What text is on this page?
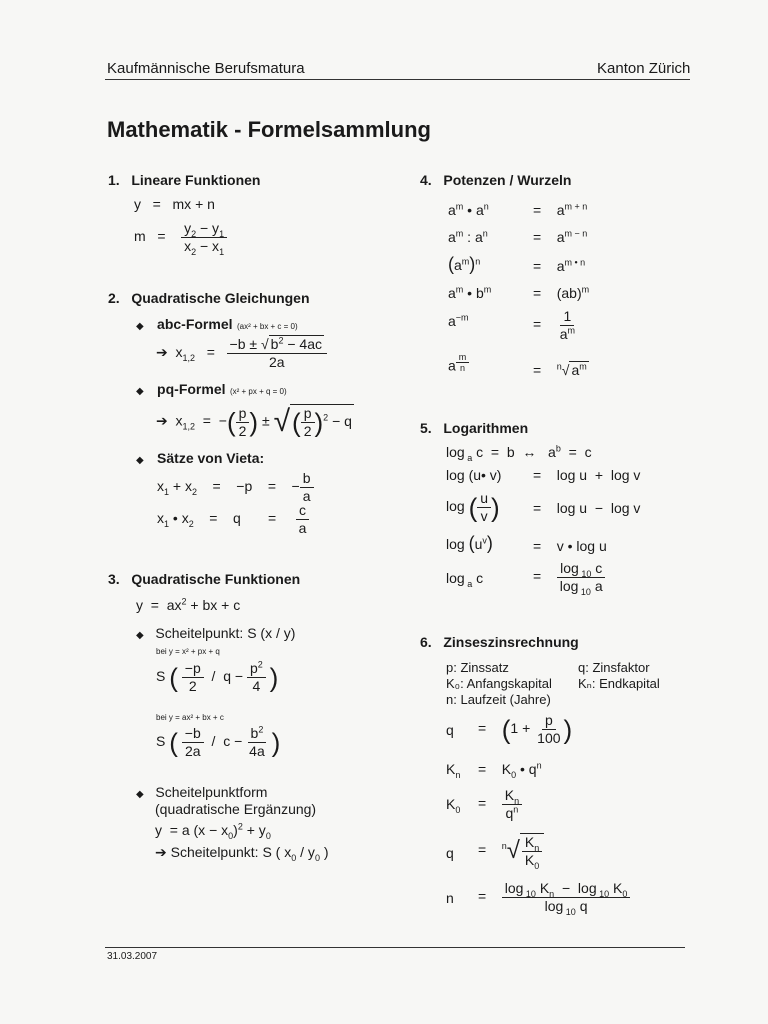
Kaufmännische Berufsmatura	Kanton Zürich
Mathematik - Formelsammlung
1. Lineare Funktionen
y   =   mx + n
$m = \frac{y_2 - y_1}{x_2 - x_1}$
2. Quadratische Gleichungen
◆ abc-Formel (ax² + bx + c = 0)
➔  $x_{1,2} = \frac{-b \pm √ b^2 - 4ac}{2a}$
◆ pq-Formel (x² + px + q = 0)
➔  $x_{1,2}$  =  −( $\frac{p}{2}$ ) ± √( $\frac{p}{2} )^2 - q$
◆ Sätze von Vieta:
$x_1 + x_2$    =    −p    =    − $\frac{b}{a}$
$x_1$ • $x_2$    =    q       = $\frac{c}{a}$
3. Quadratische Funktionen
$y = ax^2$ + bx + c
◆ Scheitelpunkt: S (x / y)
bei y = x² + px + q
S ( $\frac{-p}{2} / q - \frac{p^2}{4}$ )
bei y = ax² + bx + c
S ( $\frac{-b}{2a} / c - \frac{b^2}{4a}$ )
◆ Scheitelpunktform
(quadratische Ergänzung)
y  = a $(x - x_0)^2 + y_0$
➔ Scheitelpunkt: S ( $x_0 / y_0$ )
4. Potenzen / Wurzeln
$a^m$ • $a^n$	=    $a^{m + n}$
$a^m$ : $a^n$	=    $a^{m - n}$
$(a^m)^n$	=    $a^{m • n}$
$a^m$ • $b^m$	=    (ab)$^m$
$a^{-m}$	= $\frac{1}{a^m}$
a $^{\frac{m}{n}}$	=    $^n$√ $a^m$
5. Logarithmen
log $_a$ c  =  b  ↔   $a^b = c$
log (u• v) =    log u  +  log v
log ( $\frac{u}{v}$ ) =    log u  −  log v
$\log (u^v)$	=    v • log u
log $_a$ c	= $\frac{\log _{10} c}{\log _{10} a}$
6. Zinseszinsrechnung
p: Zinssatz	q: Zinsfaktor
K₀: Anfangskapital Kₙ: Endkapital
n: Laufzeit (Jahre)
q =    ($1 + \frac{p}{100}$ )
$K_n$ =    $K_0$ • $q^n$
$K_0 = \frac{K_n}{q^n}$
q =    $^n√ \frac{K_n}{K_0}$
$n = \frac{\log _{10} K_n - \log _{10} K_0}{\log _{10} q}$
31.03.2007
